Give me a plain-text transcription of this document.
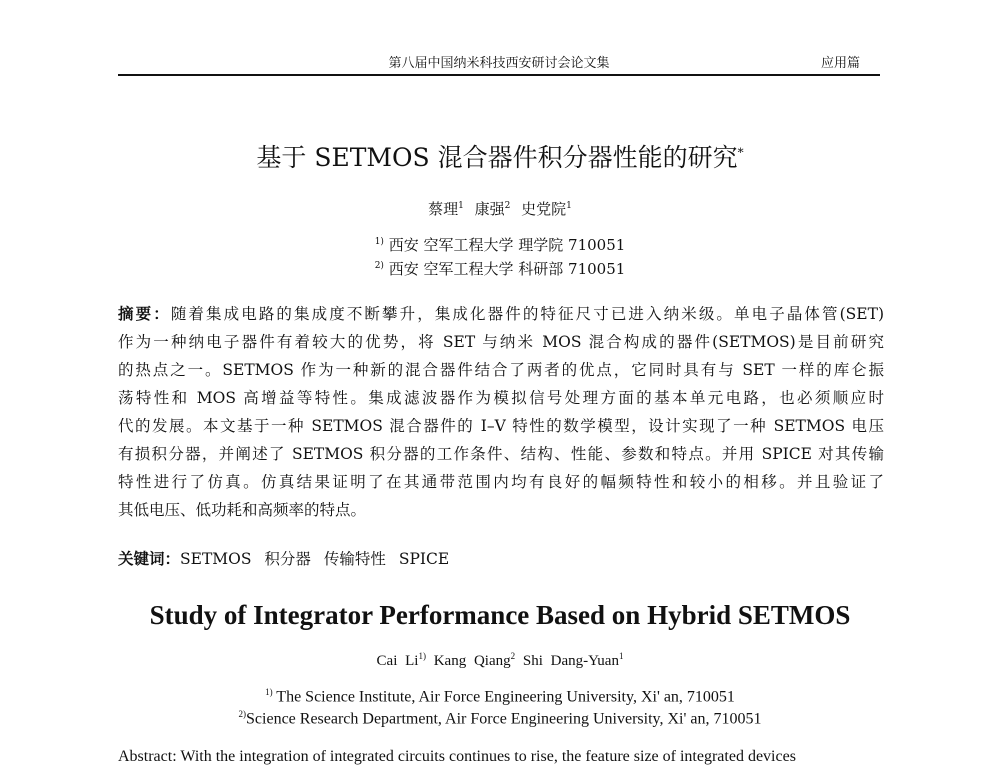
第八届中国纳米科技西安研讨会论文集	应用篇
基于 SETMOS 混合器件积分器性能的研究*
蔡理$^1$ 康强$^2$ 史党院$^1$
$^{1)}$ 西安 空军工程大学 理学院 710051
$^{2)}$ 西安 空军工程大学 科研部 710051
摘要：随着集成电路的集成度不断攀升，集成化器件的特征尺寸已进入纳米级。单电子晶体管(SET)
作为一种纳电子器件有着较大的优势，将 SET 与纳米 MOS 混合构成的器件(SETMOS)是目前研究
的热点之一。SETMOS 作为一种新的混合器件结合了两者的优点，它同时具有与 SET 一样的库仑振
荡特性和 MOS 高增益等特性。集成滤波器作为模拟信号处理方面的基本单元电路，也必须顺应时
代的发展。本文基于一种 SETMOS 混合器件的 I–V 特性的数学模型，设计实现了一种 SETMOS 电压
有损积分器，并阐述了 SETMOS 积分器的工作条件、结构、性能、参数和特点。并用 SPICE 对其传输
特性进行了仿真。仿真结果证明了在其通带范围内均有良好的幅频特性和较小的相移。并且验证了
其低电压、低功耗和高频率的特点。
关键词：SETMOS 积分器 传输特性 SPICE
Study of Integrator Performance Based on Hybrid SETMOS
Cai Li$^{1)}$ Kang Qiang$^2$ Shi Dang-Yuan$^1$
$^{1)}$ The Science Institute, Air Force Engineering University, Xi' an, 710051
$^{2)}$Science Research Department, Air Force Engineering University, Xi' an, 710051
Abstract: With the integration of integrated circuits continues to rise, the feature size of integrated devices
